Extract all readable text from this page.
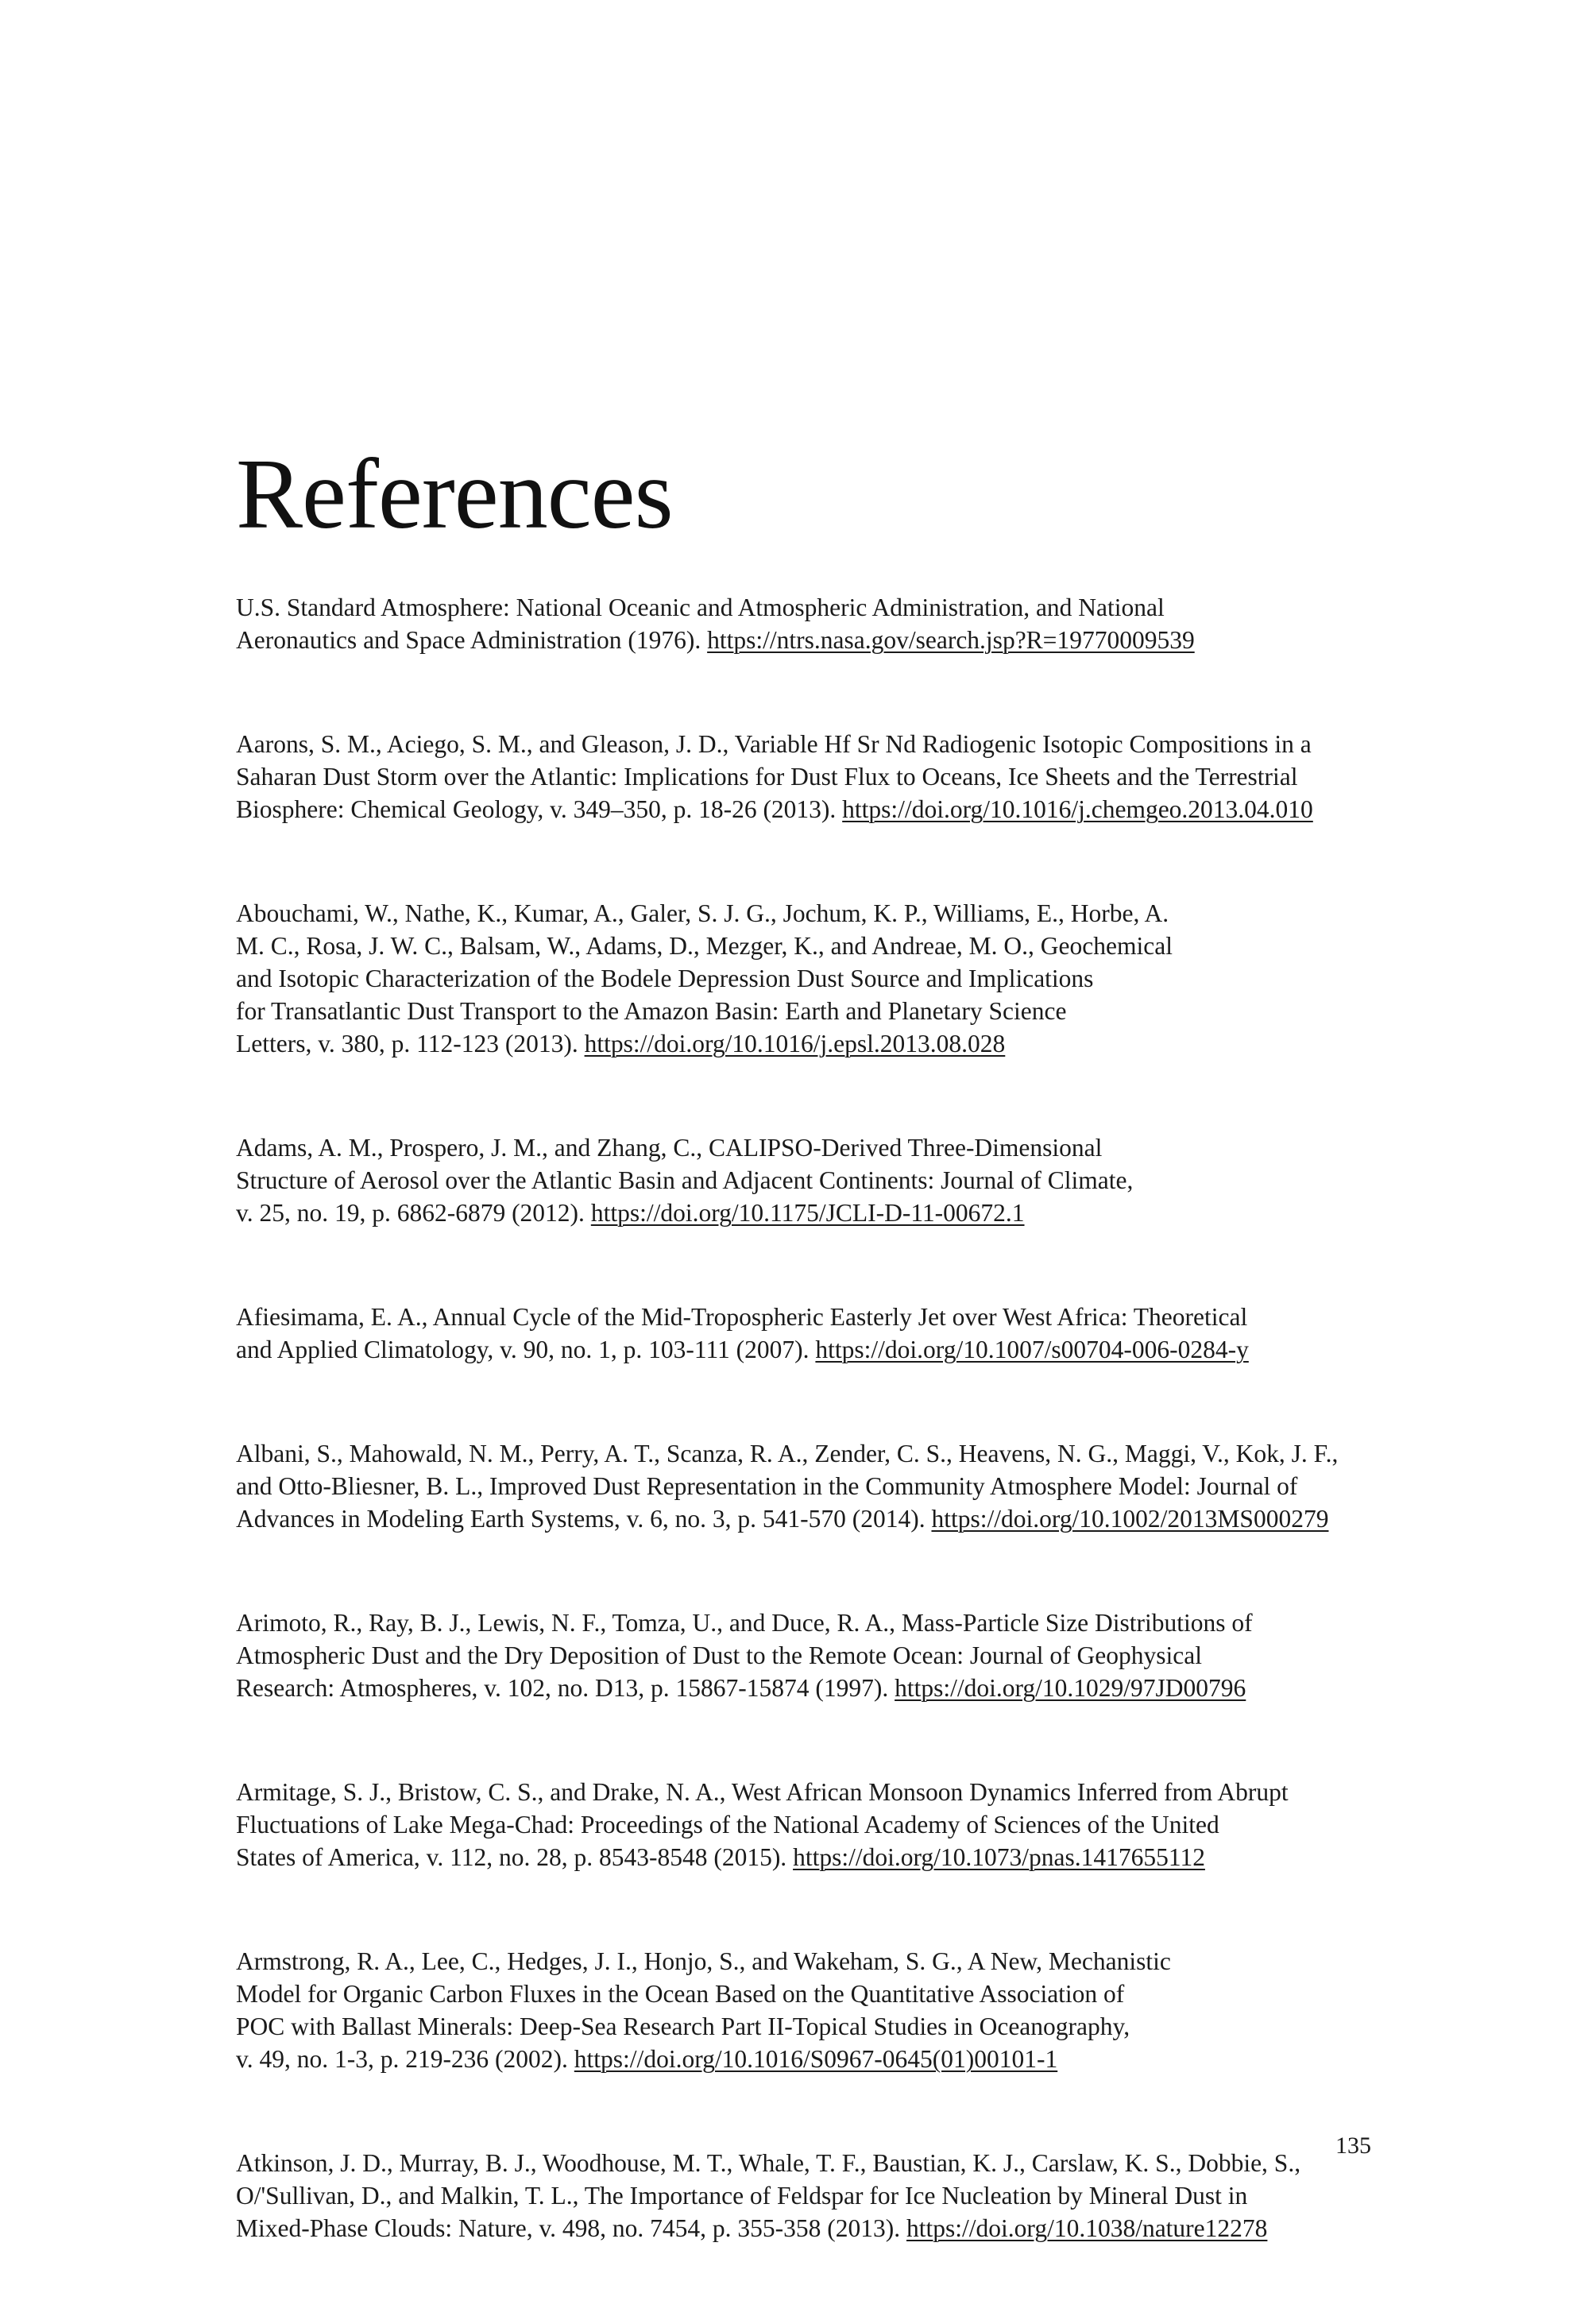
References

U.S. Standard Atmosphere: National Oceanic and Atmospheric Administration, and National
Aeronautics and Space Administration (1976). https://ntrs.nasa.gov/search.jsp?R=19770009539

Aarons, S. M., Aciego, S. M., and Gleason, J. D., Variable Hf Sr Nd Radiogenic Isotopic Compositions in a
Saharan Dust Storm over the Atlantic: Implications for Dust Flux to Oceans, Ice Sheets and the Terrestrial
Biosphere: Chemical Geology, v. 349–350, p. 18-26 (2013). https://doi.org/10.1016/j.chemgeo.2013.04.010

Abouchami, W., Nathe, K., Kumar, A., Galer, S. J. G., Jochum, K. P., Williams, E., Horbe, A.
M. C., Rosa, J. W. C., Balsam, W., Adams, D., Mezger, K., and Andreae, M. O., Geochemical
and Isotopic Characterization of the Bodele Depression Dust Source and Implications
for Transatlantic Dust Transport to the Amazon Basin: Earth and Planetary Science
Letters, v. 380, p. 112-123 (2013). https://doi.org/10.1016/j.epsl.2013.08.028

Adams, A. M., Prospero, J. M., and Zhang, C., CALIPSO-Derived Three-Dimensional
Structure of Aerosol over the Atlantic Basin and Adjacent Continents: Journal of Climate,
v. 25, no. 19, p. 6862-6879 (2012). https://doi.org/10.1175/JCLI-D-11-00672.1

Afiesimama, E. A., Annual Cycle of the Mid-Tropospheric Easterly Jet over West Africa: Theoretical
and Applied Climatology, v. 90, no. 1, p. 103-111 (2007). https://doi.org/10.1007/s00704-006-0284-y

Albani, S., Mahowald, N. M., Perry, A. T., Scanza, R. A., Zender, C. S., Heavens, N. G., Maggi, V., Kok, J. F.,
and Otto-Bliesner, B. L., Improved Dust Representation in the Community Atmosphere Model: Journal of
Advances in Modeling Earth Systems, v. 6, no. 3, p. 541-570 (2014). https://doi.org/10.1002/2013MS000279

Arimoto, R., Ray, B. J., Lewis, N. F., Tomza, U., and Duce, R. A., Mass-Particle Size Distributions of
Atmospheric Dust and the Dry Deposition of Dust to the Remote Ocean: Journal of Geophysical
Research: Atmospheres, v. 102, no. D13, p. 15867-15874 (1997). https://doi.org/10.1029/97JD00796

Armitage, S. J., Bristow, C. S., and Drake, N. A., West African Monsoon Dynamics Inferred from Abrupt
Fluctuations of Lake Mega-Chad: Proceedings of the National Academy of Sciences of the United
States of America, v. 112, no. 28, p. 8543-8548 (2015). https://doi.org/10.1073/pnas.1417655112

Armstrong, R. A., Lee, C., Hedges, J. I., Honjo, S., and Wakeham, S. G., A New, Mechanistic
Model for Organic Carbon Fluxes in the Ocean Based on the Quantitative Association of
POC with Ballast Minerals: Deep-Sea Research Part II-Topical Studies in Oceanography,
v. 49, no. 1-3, p. 219-236 (2002). https://doi.org/10.1016/S0967-0645(01)00101-1

Atkinson, J. D., Murray, B. J., Woodhouse, M. T., Whale, T. F., Baustian, K. J., Carslaw, K. S., Dobbie, S.,
O/'Sullivan, D., and Malkin, T. L., The Importance of Feldspar for Ice Nucleation by Mineral Dust in
Mixed-Phase Clouds: Nature, v. 498, no. 7454, p. 355-358 (2013). https://doi.org/10.1038/nature12278

135
